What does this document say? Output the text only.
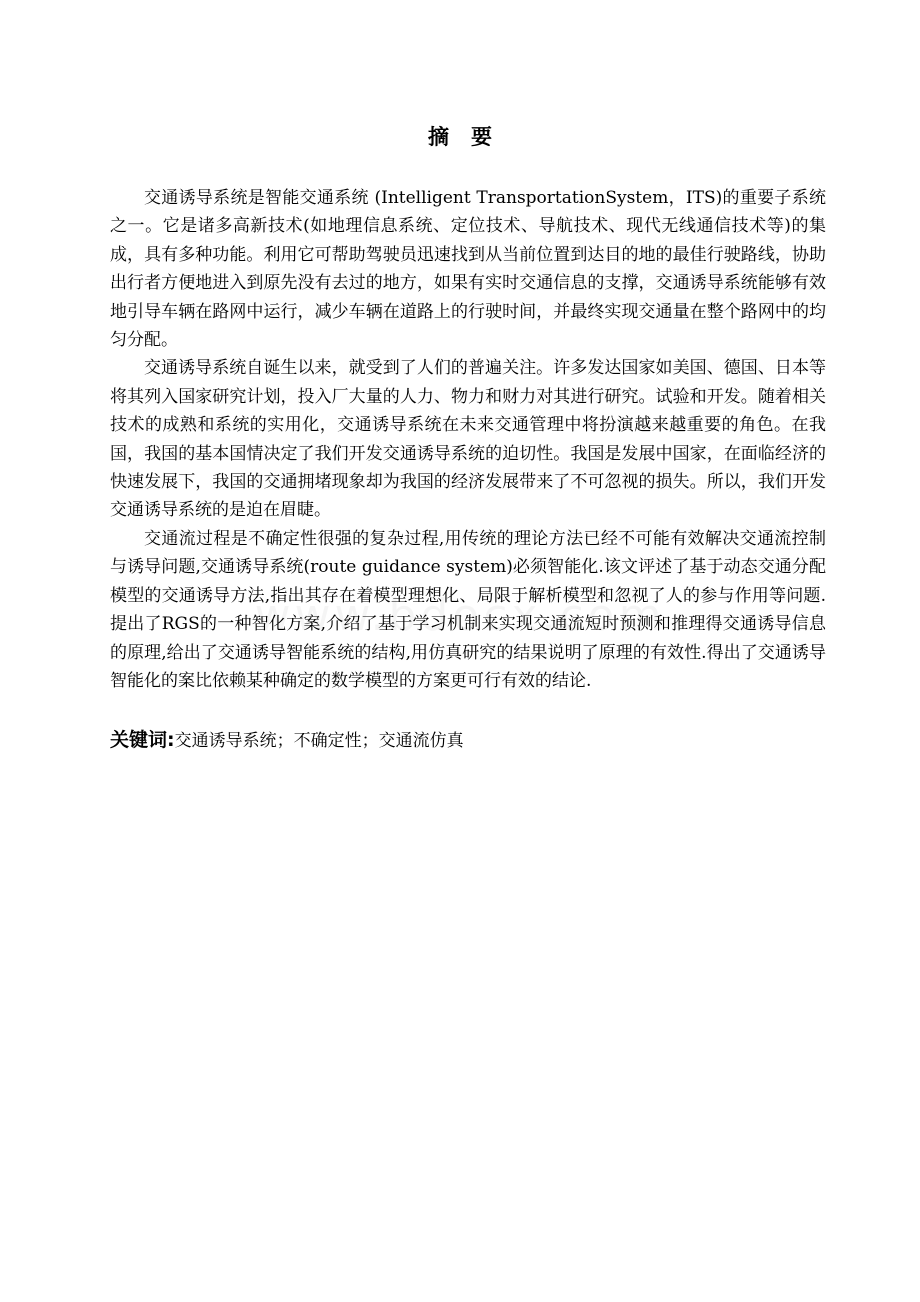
摘要

交通诱导系统是智能交通系统 (Intelligent TransportationSystem，ITS)的重要子系统之一。它是诸多高新技术(如地理信息系统、定位技术、导航技术、现代无线通信技术等)的集成，具有多种功能。利用它可帮助驾驶员迅速找到从当前位置到达目的地的最佳行驶路线，协助出行者方便地进入到原先没有去过的地方，如果有实时交通信息的支撑，交通诱导系统能够有效地引导车辆在路网中运行，减少车辆在道路上的行驶时间，并最终实现交通量在整个路网中的均匀分配。

交通诱导系统自诞生以来，就受到了人们的普遍关注。许多发达国家如美国、德国、日本等将其列入国家研究计划，投入厂大量的人力、物力和财力对其进行研究。试验和开发。随着相关技术的成熟和系统的实用化，交通诱导系统在未来交通管理中将扮演越来越重要的角色。在我国，我国的基本国情决定了我们开发交通诱导系统的迫切性。我国是发展中国家，在面临经济的快速发展下，我国的交通拥堵现象却为我国的经济发展带来了不可忽视的损失。所以，我们开发交通诱导系统的是迫在眉睫。

交通流过程是不确定性很强的复杂过程,用传统的理论方法已经不可能有效解决交通流控制与诱导问题,交通诱导系统(route guidance system)必须智能化.该文评述了基于动态交通分配模型的交通诱导方法,指出其存在着模型理想化、局限于解析模型和忽视了人的参与作用等问题.提出了RGS的一种智化方案,介绍了基于学习机制来实现交通流短时预测和推理得交通诱导信息的原理,给出了交通诱导智能系统的结构,用仿真研究的结果说明了原理的有效性.得出了交通诱导智能化的案比依赖某种确定的数学模型的方案更可行有效的结论.

关键词:交通诱导系统；不确定性；交通流仿真
